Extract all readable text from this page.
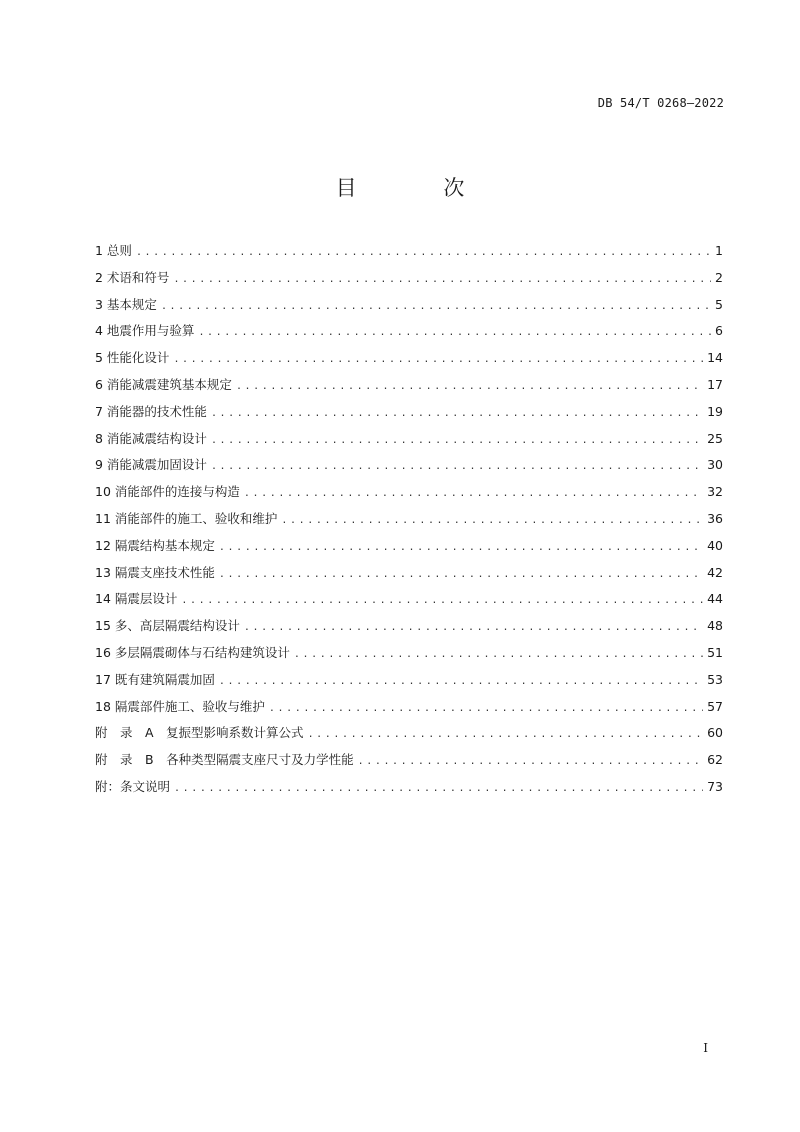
DB 54/T 0268—2022
目 次
1 总则 .....	1
2 术语和符号 .....	2
3 基本规定 .....	5
4 地震作用与验算 .....	6
5 性能化设计 .....	14
6 消能减震建筑基本规定 .....	17
7 消能器的技术性能 .....	19
8 消能减震结构设计 .....	25
9 消能减震加固设计 .....	30
10 消能部件的连接与构造 .....	32
11 消能部件的施工、验收和维护 .....	36
12 隔震结构基本规定 .....	40
13 隔震支座技术性能 .....	42
14 隔震层设计 .....	44
15 多、高层隔震结构设计 .....	48
16 多层隔震砌体与石结构建筑设计 .....	51
17 既有建筑隔震加固 .....	53
18 隔震部件施工、验收与维护 .....	57
附　录　A　复振型影响系数计算公式 .....	60
附　录　B　各种类型隔震支座尺寸及力学性能 .....	62
附：条文说明 .....	73
I
